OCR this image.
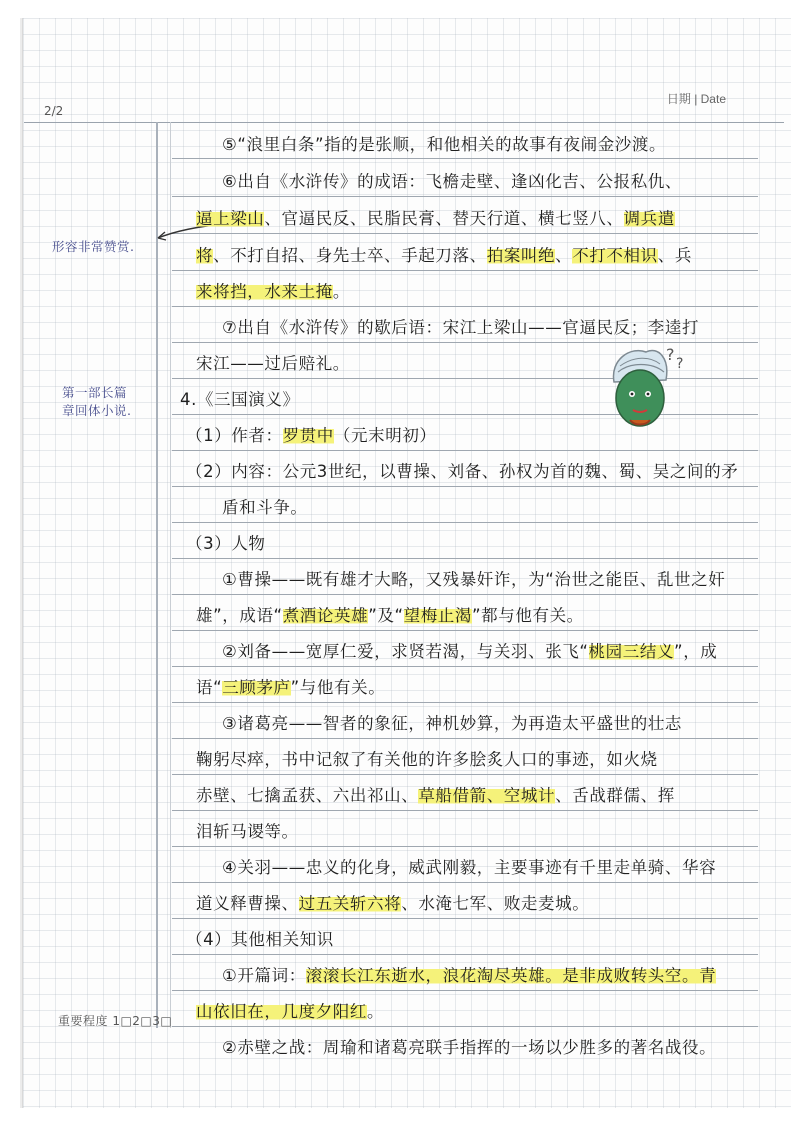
2/2
日期 | Date
形容非常赞赏.
第一部长篇
章回体小说.
重要程度 1□2□3□
? ?
⑤“浪里白条”指的是张顺，和他相关的故事有夜闹金沙渡。
⑥出自《水浒传》的成语：飞檐走壁、逢凶化吉、公报私仇、
逼上梁山、官逼民反、民脂民膏、替天行道、横七竖八、调兵遣
将、不打自招、身先士卒、手起刀落、拍案叫绝、不打不相识、兵
来将挡，水来土掩。
⑦出自《水浒传》的歇后语：宋江上梁山——官逼民反；李逵打
宋江——过后赔礼。
4.《三国演义》
（1）作者：罗贯中（元末明初）
（2）内容：公元3世纪，以曹操、刘备、孙权为首的魏、蜀、吴之间的矛
盾和斗争。
（3）人物
①曹操——既有雄才大略，又残暴奸诈，为“治世之能臣、乱世之奸
雄”，成语“煮酒论英雄”及“望梅止渴”都与他有关。
②刘备——宽厚仁爱，求贤若渴，与关羽、张飞“桃园三结义”，成
语“三顾茅庐”与他有关。
③诸葛亮——智者的象征，神机妙算，为再造太平盛世的壮志
鞠躬尽瘁，书中记叙了有关他的许多脍炙人口的事迹，如火烧
赤壁、七擒孟获、六出祁山、草船借箭、空城计、舌战群儒、挥
泪斩马谡等。
④关羽——忠义的化身，威武刚毅，主要事迹有千里走单骑、华容
道义释曹操、过五关斩六将、水淹七军、败走麦城。
（4）其他相关知识
①开篇词：滚滚长江东逝水，浪花淘尽英雄。是非成败转头空。青
山依旧在，几度夕阳红。
②赤壁之战：周瑜和诸葛亮联手指挥的一场以少胜多的著名战役。
